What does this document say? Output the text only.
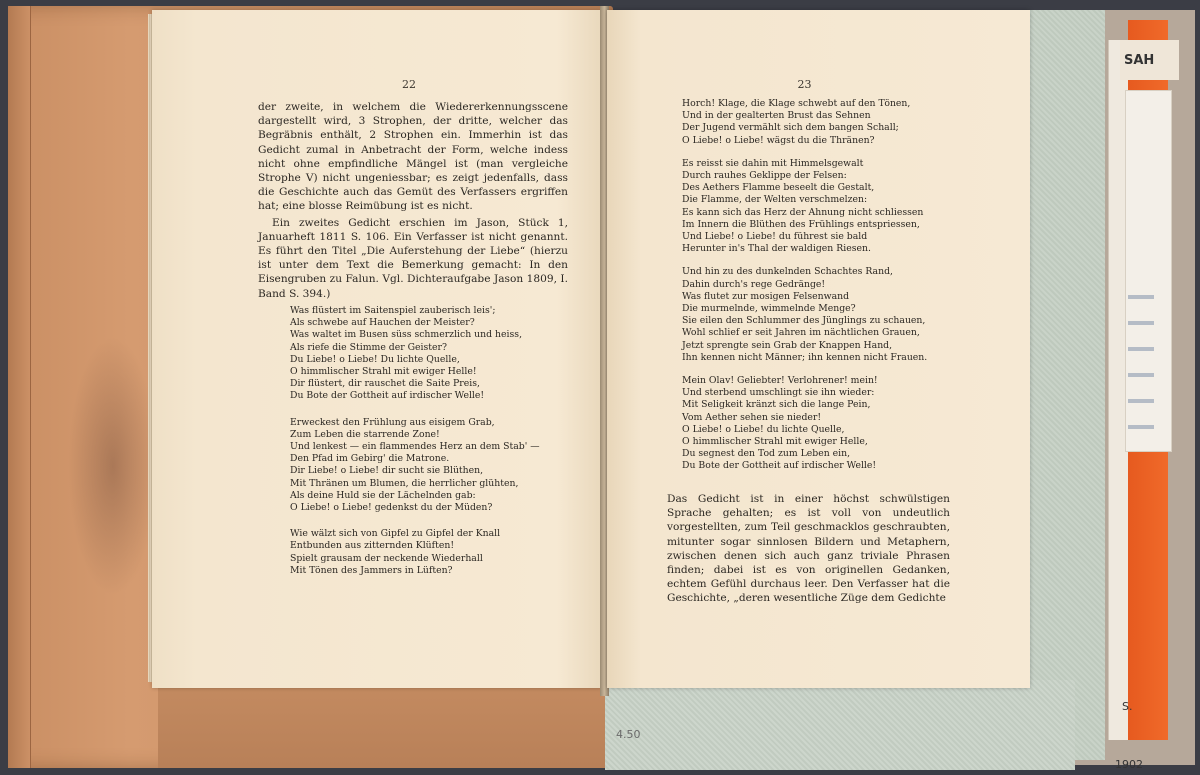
SAH
22

der zweite, in welchem die Wiedererkennungsscene dargestellt wird, 3 Strophen, der dritte, welcher das Begräbnis enthält, 2 Strophen ein. Immerhin ist das Gedicht zumal in Anbetracht der Form, welche indess nicht ohne empfindliche Mängel ist (man vergleiche Strophe V) nicht ungeniessbar; es zeigt jedenfalls, dass die Geschichte auch das Gemüt des Verfassers ergriffen hat; eine blosse Reimübung ist es nicht.

Ein zweites Gedicht erschien im Jason, Stück 1, Januarheft 1811 S. 106. Ein Verfasser ist nicht genannt. Es führt den Titel „Die Auferstehung der Liebe“ (hierzu ist unter dem Text die Bemerkung gemacht: In den Eisengruben zu Falun. Vgl. Dichteraufgabe Jason 1809, I. Band S. 394.)

Was flüstert im Saitenspiel zauberisch leis';
Als schwebe auf Hauchen der Meister?
Was waltet im Busen süss schmerzlich und heiss,
Als riefe die Stimme der Geister?
Du Liebe! o Liebe! Du lichte Quelle,
O himmlischer Strahl mit ewiger Helle!
Dir flüstert, dir rauschet die Saite Preis,
Du Bote der Gottheit auf irdischer Welle!
Erweckest den Frühlung aus eisigem Grab,
Zum Leben die starrende Zone!
Und lenkest — ein flammendes Herz an dem Stab' —
Den Pfad im Gebirg' die Matrone.
Dir Liebe! o Liebe! dir sucht sie Blüthen,
Mit Thränen um Blumen, die herrlicher glühten,
Als deine Huld sie der Lächelnden gab:
O Liebe! o Liebe! gedenkst du der Müden?
Wie wälzt sich von Gipfel zu Gipfel der Knall
Entbunden aus zitternden Klüften!
Spielt grausam der neckende Wiederhall
Mit Tönen des Jammers in Lüften?
23
Horch! Klage, die Klage schwebt auf den Tönen,
Und in der gealterten Brust das Sehnen
Der Jugend vermählt sich dem bangen Schall;
O Liebe! o Liebe! wägst du die Thränen?
Es reisst sie dahin mit Himmelsgewalt
Durch rauhes Geklippe der Felsen:
Des Aethers Flamme beseelt die Gestalt,
Die Flamme, der Welten verschmelzen:
Es kann sich das Herz der Ahnung nicht schliessen
Im Innern die Blüthen des Frühlings entspriessen,
Und Liebe! o Liebe! du führest sie bald
Herunter in's Thal der waldigen Riesen.
Und hin zu des dunkelnden Schachtes Rand,
Dahin durch's rege Gedränge!
Was flutet zur mosigen Felsenwand
Die murmelnde, wimmelnde Menge?
Sie eilen den Schlummer des Jünglings zu schauen,
Wohl schlief er seit Jahren im nächtlichen Grauen,
Jetzt sprengte sein Grab der Knappen Hand,
Ihn kennen nicht Männer; ihn kennen nicht Frauen.
Mein Olav! Geliebter! Verlohrener! mein!
Und sterbend umschlingt sie ihn wieder:
Mit Seligkeit kränzt sich die lange Pein,
Vom Aether sehen sie nieder!
O Liebe! o Liebe! du lichte Quelle,
O himmlischer Strahl mit ewiger Helle,
Du segnest den Tod zum Leben ein,
Du Bote der Gottheit auf irdischer Welle!

Das Gedicht ist in einer höchst schwülstigen Sprache gehalten; es ist voll von undeutlich vorgestellten, zum Teil geschmacklos geschraubten, mitunter sogar sinnlosen Bildern und Metaphern, zwischen denen sich auch ganz triviale Phrasen finden; dabei ist es von originellen Gedanken, echtem Gefühl durchaus leer. Den Verfasser hat die Geschichte, „deren wesentliche Züge dem Gedichte

4.50
S.
1902
